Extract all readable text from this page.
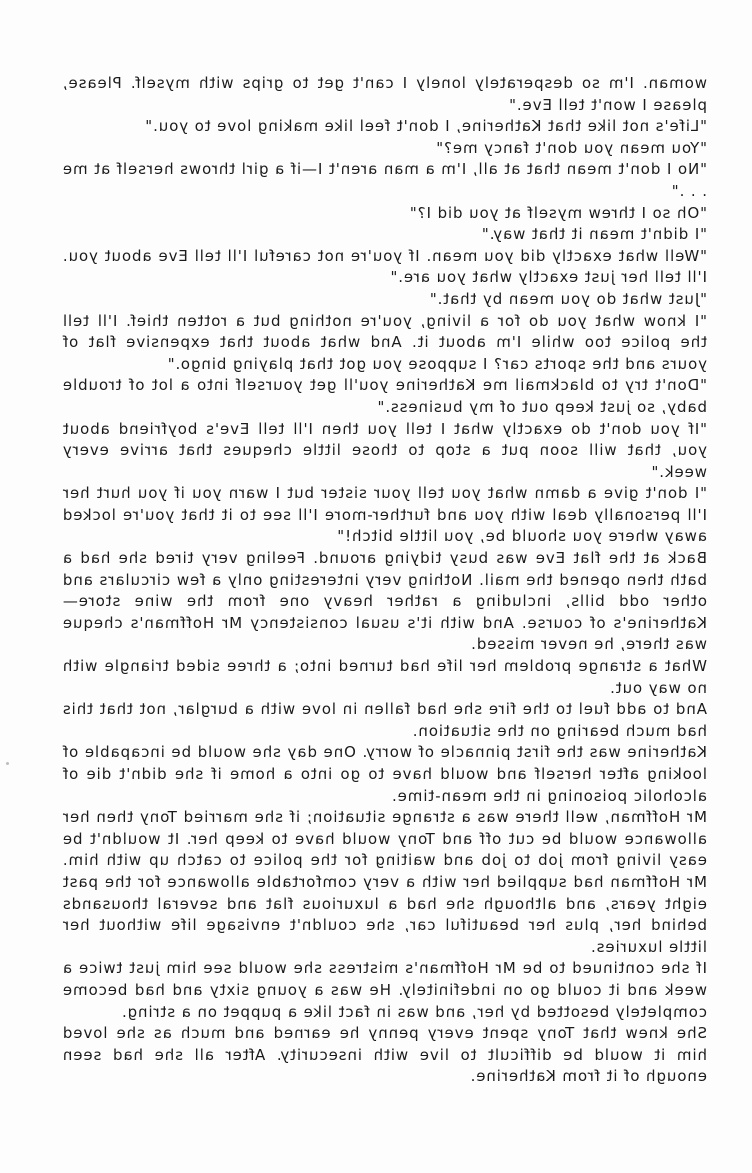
woman. I'm so desperately lonely I can't get to grips with myself. Please, please I won't tell Eve."

"Life's not like that Katherine, I don't feel like making love to you."

"You mean you don't fancy me?"

"No I don't mean that at all, I'm a man aren't I—if a girl throws herself at me . . ."

"Oh so I threw myself at you did I?"

"I didn't mean it that way."

"Well what exactly did you mean. If you're not careful I'll tell Eve about you. I'll tell her just exactly what you are."

"Just what do you mean by that."

"I know what you do for a living, you're nothing but a rotten thief. I'll tell the police too while I'm about it. And what about that expensive flat of yours and the sports car? I suppose you got that playing bingo."

"Don't try to blackmail me Katherine you'll get yourself into a lot of trouble baby, so just keep out of my business."

"If you don't do exactly what I tell you then I'll tell Eve's boyfriend about you, that will soon put a stop to those little cheques that arrive every week."

"I don't give a damn what you tell your sister but I warn you if you hurt her I'll personally deal with you and further-more I'll see to it that you're locked away where you should be, you little bitch!"

Back at the flat Eve was busy tidying around. Feeling very tired she had a bath then opened the mail. Nothing very interesting only a few circulars and other odd bills, including a rather heavy one from the wine store—Katherine's of course. And with it's usual consistency Mr Hoffman's cheque was there, he never missed.

What a strange problem her life had turned into; a three sided triangle with no way out.

And to add fuel to the fire she had fallen in love with a burglar, not that this had much bearing on the situation.

Katherine was the first pinnacle of worry. One day she would be incapable of looking after herself and would have to go into a home if she didn't die of alcoholic poisoning in the mean-time.

Mr Hoffman, well there was a strange situation; if she married Tony then her allowance would be cut off and Tony would have to keep her. It wouldn't be easy living from job to job and waiting for the police to catch up with him. Mr Hoffman had supplied her with a very comfortable allowance for the past eight years, and although she had a luxurious flat and several thousands behind her, plus her beautiful car, she couldn't envisage life without her little luxuries.

If she continued to be Mr Hoffman's mistress she would see him just twice a week and it could go on indefinitely. He was a young sixty and had become completely besotted by her, and was in fact like a puppet on a string.

She knew that Tony spent every penny he earned and much as she loved him it would be difficult to live with insecurity. After all she had seen enough of it from Katherine.
